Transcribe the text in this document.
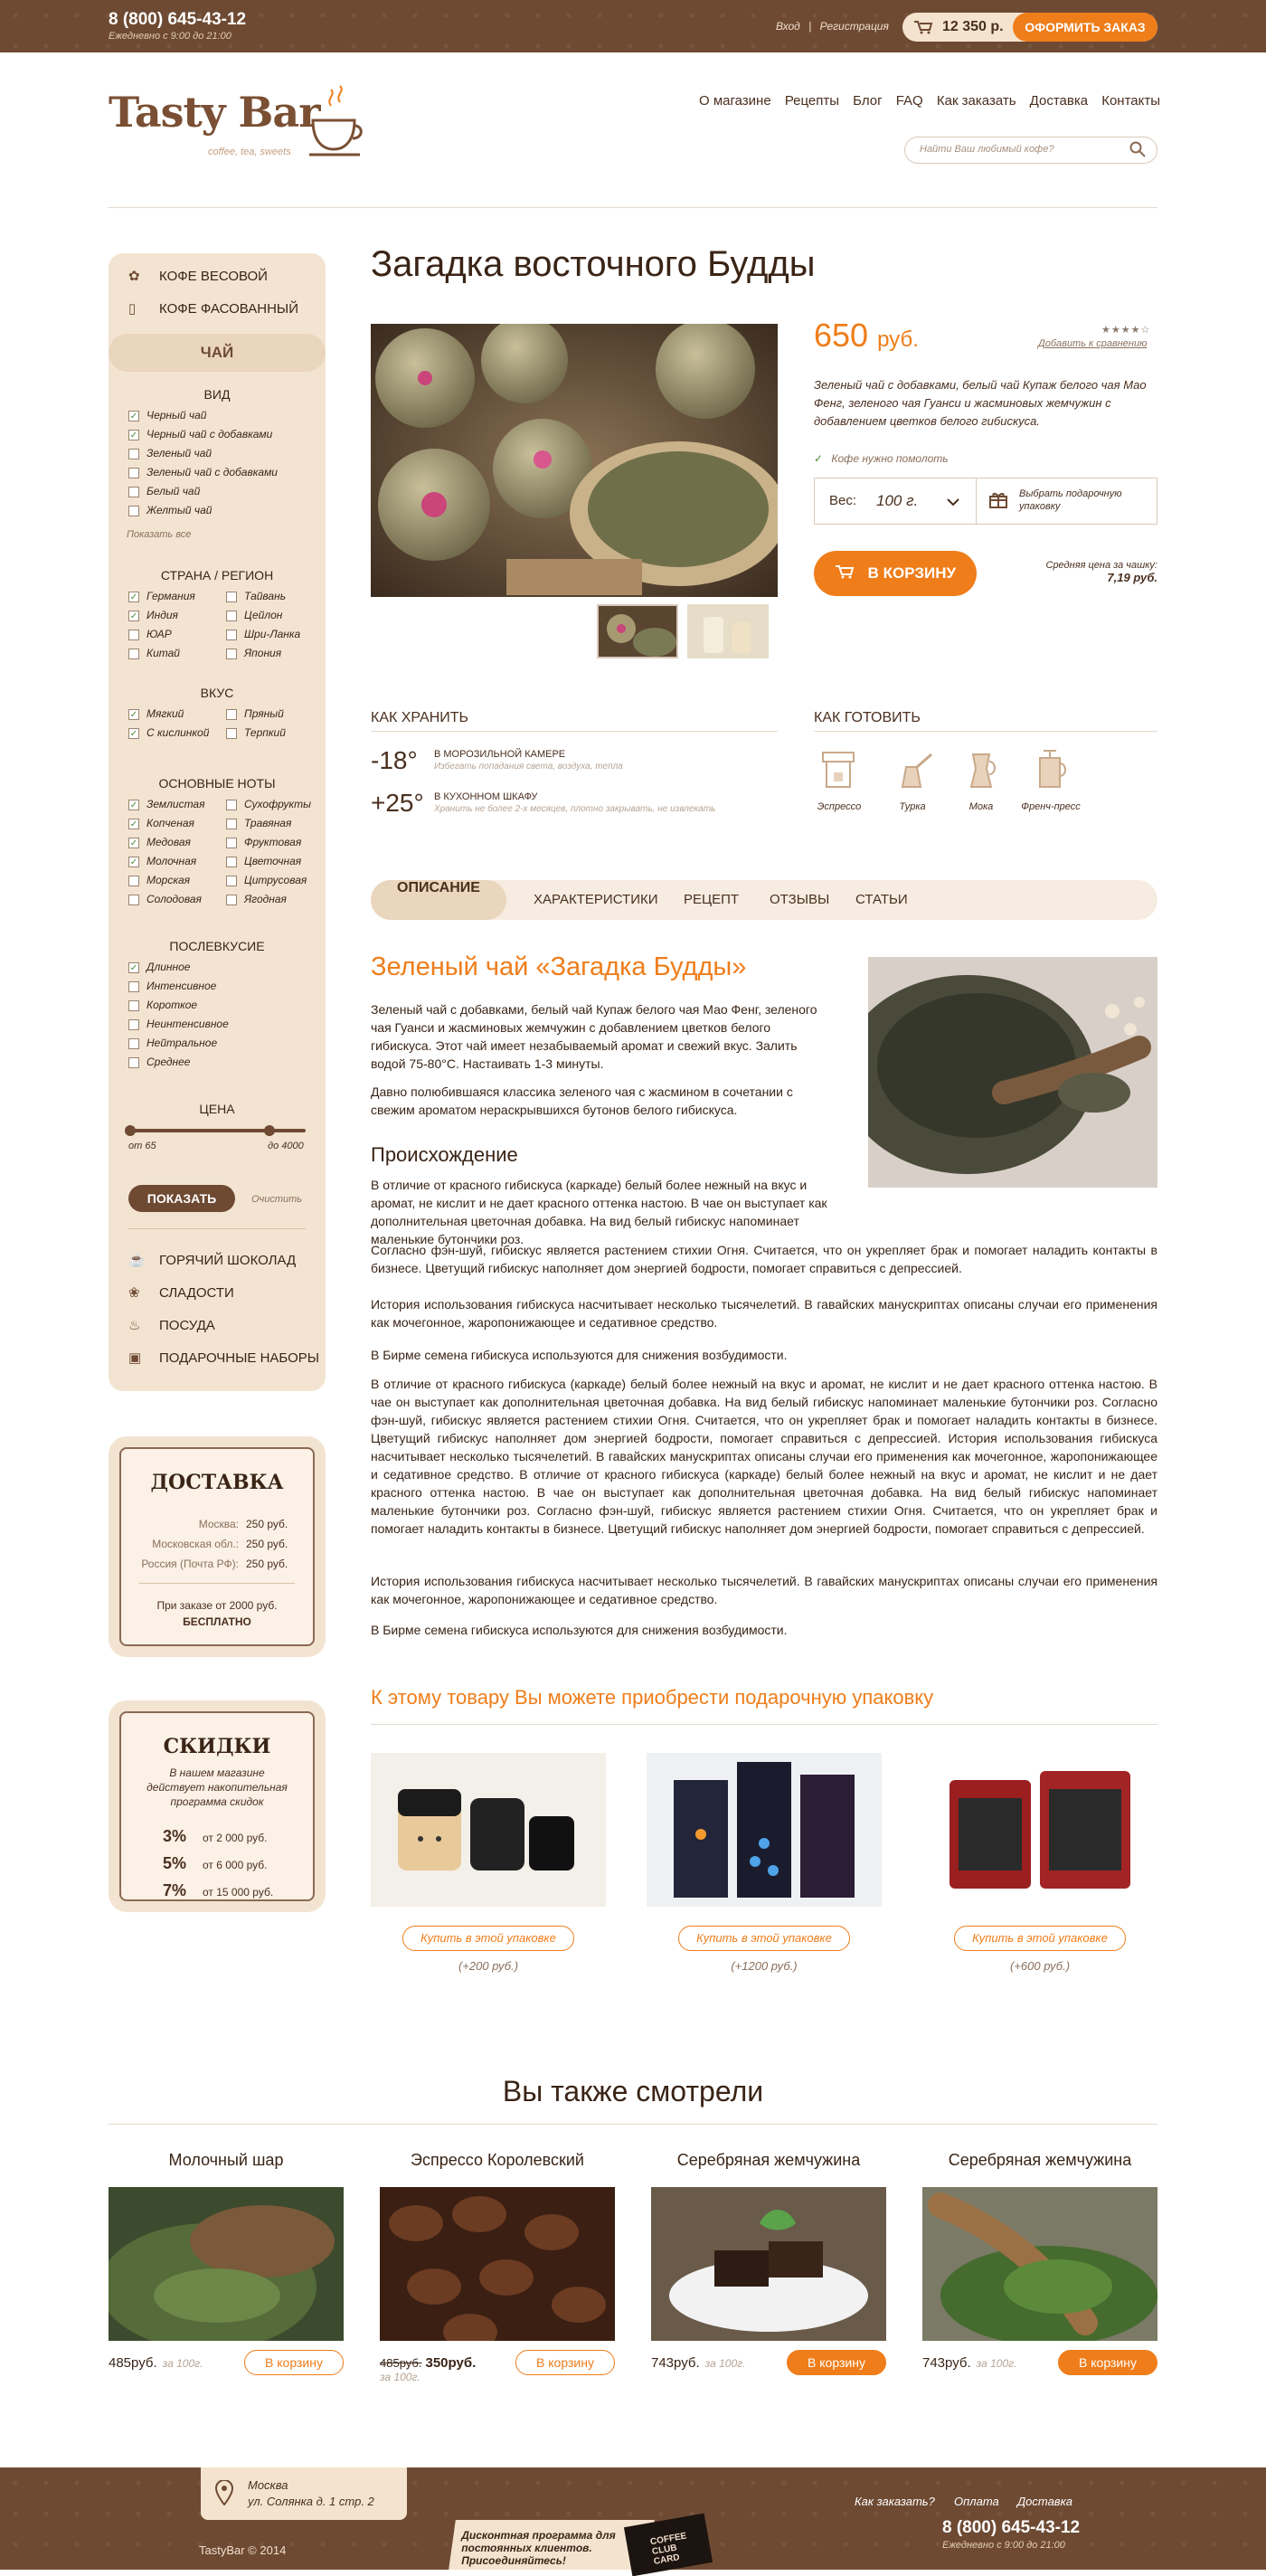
8 (800) 645-43-12
Ежедневно с 9:00 до 21:00
Вход | Регистрация	12 350 р.	ОФОРМИТЬ ЗАКАЗ
Tasty Bar
coffee, tea, sweets
О магазине Рецепты Блог FAQ Как заказать Доставка Контакты
Найти Ваш любимый кофе?
✿ КОФЕ ВЕСОВОЙ
▯ КОФЕ ФАСОВАННЫЙ
ЧАЙ
ВИД
✓ Черный чай
✓ Черный чай с добавками
Зеленый чай
Зеленый чай с добавками
Белый чай
Желтый чай
Показать все
СТРАНА / РЕГИОН
✓ Германия
✓ Индия
ЮАР
Китай
Тайвань
Цейлон
Шри-Ланка
Япония
ВКУС
✓ Мягкий
✓ С кислинкой
Пряный
Терпкий
ОСНОВНЫЕ НОТЫ
✓ Землистая
✓ Копченая
✓ Медовая
✓ Молочная
Морская
Солодовая
Сухофрукты
Травяная
Фруктовая
Цветочная
Цитрусовая
Ягодная
ПОСЛЕВКУСИЕ
✓ Длинное
Интенсивное
Короткое
Неинтенсивное
Нейтральное
Среднее
ЦЕНА
от 65	до 4000
ПОКАЗАТЬ	Очистить
☕ ГОРЯЧИЙ ШОКОЛАД
❀ СЛАДОСТИ
♨ ПОСУДА
▣ ПОДАРОЧНЫЕ НАБОРЫ
ДОСТАВКА
Москва: 250 руб.
Московская обл.: 250 руб.
Россия (Почта РФ): 250 руб.
При заказе от 2000 руб.
БЕСПЛАТНО
СКИДКИ
В нашем магазине действует накопительная программа скидок
3% от 2 000 руб.
5% от 6 000 руб.
7% от 15 000 руб.
Загадка восточного Будды
650 руб.	★★★★☆
Добавить к сравнению
Зеленый чай с добавками, белый чай Купаж белого чая Мао Фенг, зеленого чая Гуанси и жасминовых жемчужин с добавлением цветков белого гибискуса.
✓ Кофе нужно помолоть
Вес: 100 г.	Выбрать подарочную упаковку
В КОРЗИНУ	Средняя цена за чашку:
7,19 руб.
КАК ХРАНИТЬ
-18° В МОРОЗИЛЬНОЙ КАМЕРЕ
Избегать попадания света, воздуха, тепла
+25° В КУХОННОМ ШКАФУ
Хранить не более 2-х месяцев, плотно закрывать, не извлекать
КАК ГОТОВИТЬ
Эспрессо	Турка	Мока	Френч-пресс
ОПИСАНИЕ
ХАРАКТЕРИСТИКИ РЕЦЕПТ ОТЗЫВЫ СТАТЬИ
Зеленый чай «Загадка Будды»
Зеленый чай с добавками, белый чай Купаж белого чая Мао Фенг, зеленого чая Гуанси и жасминовых жемчужин с добавлением цветков белого гибискуса. Этот чай имеет незабываемый аромат и свежий вкус. Залить водой 75-80°С. Настаивать 1-3 минуты.
Давно полюбившаяся классика зеленого чая с жасмином в сочетании с свежим ароматом нераскрывшихся бутонов белого гибискуса.
Происхождение
В отличие от красного гибискуса (каркаде) белый более нежный на вкус и аромат, не кислит и не дает красного оттенка настою. В чае он выступает как дополнительная цветочная добавка. На вид белый гибискус напоминает маленькие бутончики роз.
Согласно фэн-шуй, гибискус является растением стихии Огня. Считается, что он укрепляет брак и помогает наладить контакты в бизнесе. Цветущий гибискус наполняет дом энергией бодрости, помогает справиться с депрессией.
История использования гибискуса насчитывает несколько тысячелетий. В гавайских манускриптах описаны случаи его применения как мочегонное, жаропонижающее и седативное средство.
В Бирме семена гибискуса используются для снижения возбудимости.
В отличие от красного гибискуса (каркаде) белый более нежный на вкус и аромат, не кислит и не дает красного оттенка настою. В чае он выступает как дополнительная цветочная добавка. На вид белый гибискус напоминает маленькие бутончики роз. Согласно фэн-шуй, гибискус является растением стихии Огня. Считается, что он укрепляет брак и помогает наладить контакты в бизнесе. Цветущий гибискус наполняет дом энергией бодрости, помогает справиться с депрессией. История использования гибискуса насчитывает несколько тысячелетий. В гавайских манускриптах описаны случаи его применения как мочегонное, жаропонижающее и седативное средство. В отличие от красного гибискуса (каркаде) белый более нежный на вкус и аромат, не кислит и не дает красного оттенка настою. В чае он выступает как дополнительная цветочная добавка. На вид белый гибискус напоминает маленькие бутончики роз. Согласно фэн-шуй, гибискус является растением стихии Огня. Считается, что он укрепляет брак и помогает наладить контакты в бизнесе. Цветущий гибискус наполняет дом энергией бодрости, помогает справиться с депрессией.
История использования гибискуса насчитывает несколько тысячелетий. В гавайских манускриптах описаны случаи его применения как мочегонное, жаропонижающее и седативное средство.
В Бирме семена гибискуса используются для снижения возбудимости.
К этому товару Вы можете приобрести подарочную упаковку
Купить в этой упаковке	Купить в этой упаковке	Купить в этой упаковке
(+200 руб.)	(+1200 руб.)	(+600 руб.)
Вы также смотрели
Молочный шар
485руб. за 100г.	В корзину
Эспрессо Королевский
485руб. 350руб.
за 100г.
В корзину
Серебряная жемчужина
743руб. за 100г.	В корзину
Серебряная жемчужина
743руб. за 100г.	В корзину
Москва
ул. Солянка д. 1 стр. 2
TastyBar © 2014
Дисконтная программа для постоянных клиентов. Присоединяйтесь!
COFFEE CLUB CARD
Как заказать? Оплата Доставка
8 (800) 645-43-12
Ежедневно с 9:00 до 21:00
